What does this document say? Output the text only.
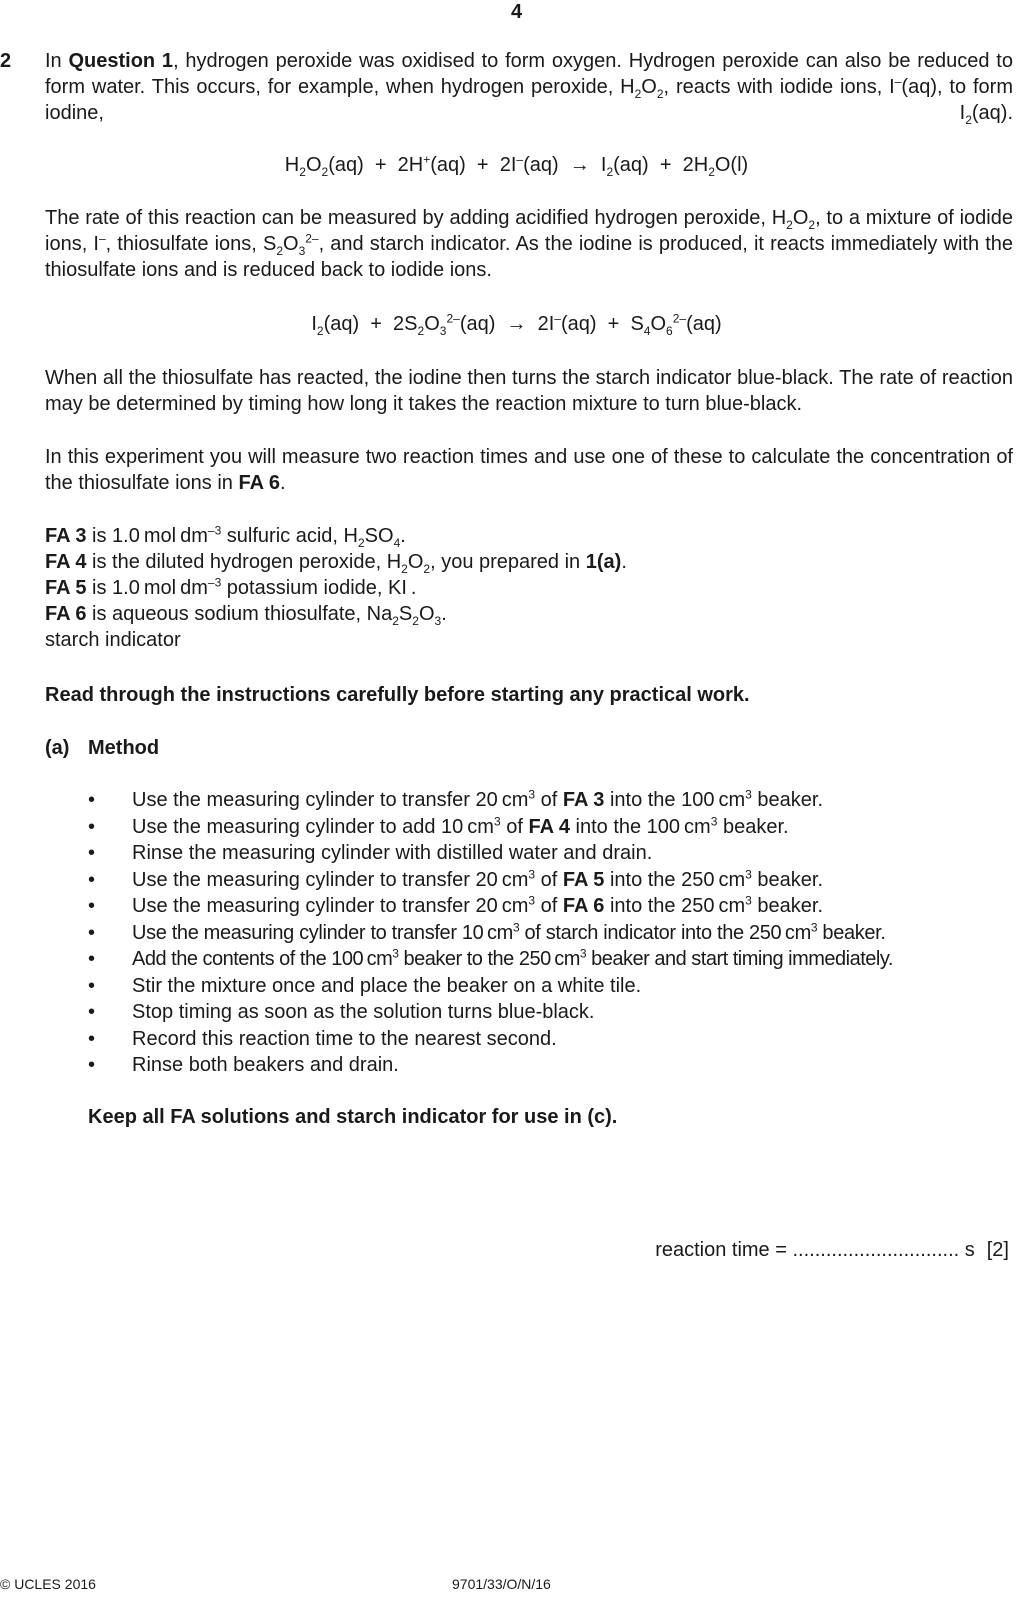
4
2 In Question 1, hydrogen peroxide was oxidised to form oxygen. Hydrogen peroxide can also be reduced to form water. This occurs, for example, when hydrogen peroxide, $H_2O_2$, reacts with iodide ions, I–(aq), to form iodine, $I_2(aq)$.

$H_2O_2(aq) + 2H^+(aq) + 2I^-(aq) \to I_2(aq) + 2H_2O(l)$

The rate of this reaction can be measured by adding acidified hydrogen peroxide, $H_2O_2$, to a mixture of iodide ions, I–, thiosulfate ions, $S_2O_3^{2-}$, and starch indicator. As the iodine is produced, it reacts immediately with the thiosulfate ions and is reduced back to iodide ions.

$I_2(aq) + 2S_2O_3^{2-}(aq) \to 2I^-(aq) + S_4O_6^{2-}(aq)$

When all the thiosulfate has reacted, the iodine then turns the starch indicator blue-black. The rate of reaction may be determined by timing how long it takes the reaction mixture to turn blue-black.

In this experiment you will measure two reaction times and use one of these to calculate the concentration of the thiosulfate ions in FA 6.

FA 3 is 1.0 mol $dm^{-3}$ sulfuric acid, $H_2SO_4$.
FA 4 is the diluted hydrogen peroxide, $H_2O_2$, you prepared in 1(a).
FA 5 is 1.0 mol $dm^{-3}$ potassium iodide, KI .
FA 6 is aqueous sodium thiosulfate, $Na_2S_2O_3$.
starch indicator
Read through the instructions carefully before starting any practical work.
(a) Method
• Use the measuring cylinder to transfer 20 $cm^3$ of FA 3 into the 100 $cm^3$ beaker.
• Use the measuring cylinder to add 10 $cm^3$ of FA 4 into the 100 $cm^3$ beaker.
• Rinse the measuring cylinder with distilled water and drain.
• Use the measuring cylinder to transfer 20 $cm^3$ of FA 5 into the 250 $cm^3$ beaker.
• Use the measuring cylinder to transfer 20 $cm^3$ of FA 6 into the 250 $cm^3$ beaker.
• Use the measuring cylinder to transfer 10 $cm^3$ of starch indicator into the 250 $cm^3$ beaker.
• Add the contents of the 100 $cm^3$ beaker to the 250 $cm^3$ beaker and start timing immediately.
• Stir the mixture once and place the beaker on a white tile.
• Stop timing as soon as the solution turns blue-black.
• Record this reaction time to the nearest second.
• Rinse both beakers and drain.
Keep all FA solutions and starch indicator for use in (c).
reaction time = .............................. s [2]
© UCLES 2016	9701/33/O/N/16
